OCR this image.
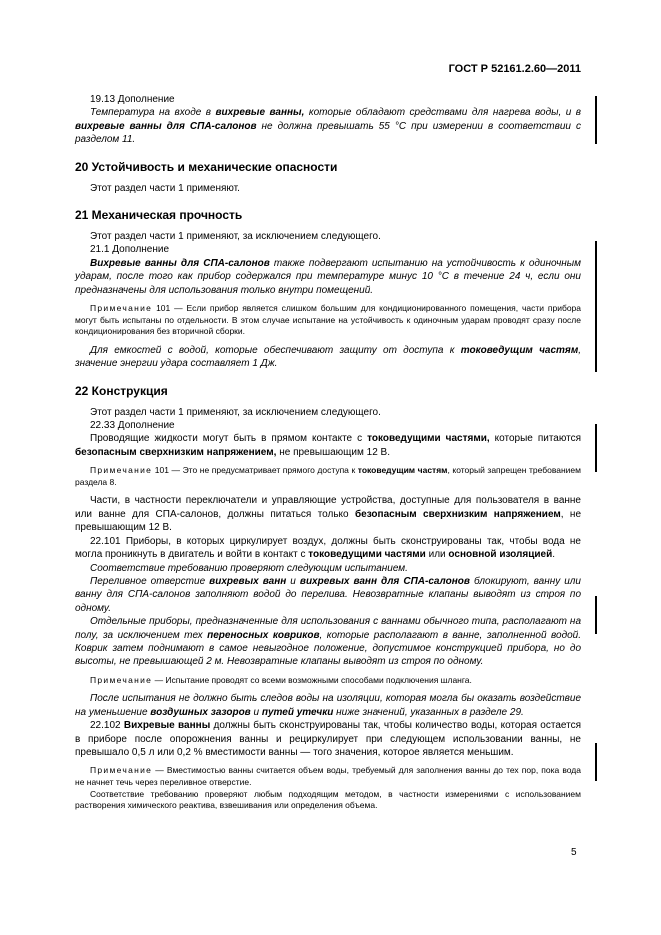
ГОСТ Р 52161.2.60—2011

19.13 Дополнение

Температура на входе в вихревые ванны, которые обладают средствами для нагрева воды, и в вихревые ванны для СПА-салонов не должна превышать 55 °С при измерении в соответствии с разделом 11.

20 Устойчивость и механические опасности

Этот раздел части 1 применяют.

21 Механическая прочность

Этот раздел части 1 применяют, за исключением следующего.

21.1 Дополнение

Вихревые ванны для СПА-салонов также подвергают испытанию на устойчивость к одиночным ударам, после того как прибор содержался при температуре минус 10 °С в течение 24 ч, если они предназначены для использования только внутри помещений.

Примечание 101 — Если прибор является слишком большим для кондиционированного помещения, части прибора могут быть испытаны по отдельности. В этом случае испытание на устойчивость к одиночным ударам проводят сразу после кондиционирования без вторичной сборки.

Для емкостей с водой, которые обеспечивают защиту от доступа к токоведущим частям, значение энергии удара составляет 1 Дж.

22 Конструкция

Этот раздел части 1 применяют, за исключением следующего.

22.33 Дополнение

Проводящие жидкости могут быть в прямом контакте с токоведущими частями, которые питаются безопасным сверхнизким напряжением, не превышающим 12 В.

Примечание 101 — Это не предусматривает прямого доступа к токоведущим частям, который запрещен требованием раздела 8.

Части, в частности переключатели и управляющие устройства, доступные для пользователя в ванне или ванне для СПА-салонов, должны питаться только безопасным сверхнизким напряжением, не превышающим 12 В.

22.101 Приборы, в которых циркулирует воздух, должны быть сконструированы так, чтобы вода не могла проникнуть в двигатель и войти в контакт с токоведущими частями или основной изоляцией.

Соответствие требованию проверяют следующим испытанием.

Переливное отверстие вихревых ванн и вихревых ванн для СПА-салонов блокируют, ванну или ванну для СПА-салонов заполняют водой до перелива. Невозвратные клапаны выводят из строя по одному.

Отдельные приборы, предназначенные для использования с ваннами обычного типа, располагают на полу, за исключением тех переносных ковриков, которые располагают в ванне, заполненной водой. Коврик затем поднимают в самое невыгодное положение, допустимое конструкцией прибора, но до высоты, не превышающей 2 м. Невозвратные клапаны выводят из строя по одному.

Примечание — Испытание проводят со всеми возможными способами подключения шланга.

После испытания не должно быть следов воды на изоляции, которая могла бы оказать воздействие на уменьшение воздушных зазоров и путей утечки ниже значений, указанных в разделе 29.

22.102 Вихревые ванны должны быть сконструированы так, чтобы количество воды, которая остается в приборе после опорожнения ванны и рециркулирует при следующем использовании ванны, не превышало 0,5 л или 0,2 % вместимости ванны — того значения, которое является меньшим.

Примечание — Вместимостью ванны считается объем воды, требуемый для заполнения ванны до тех пор, пока вода не начнет течь через переливное отверстие.

Соответствие требованию проверяют любым подходящим методом, в частности измерениями с использованием растворения химического реактива, взвешивания или определения объема.

5
